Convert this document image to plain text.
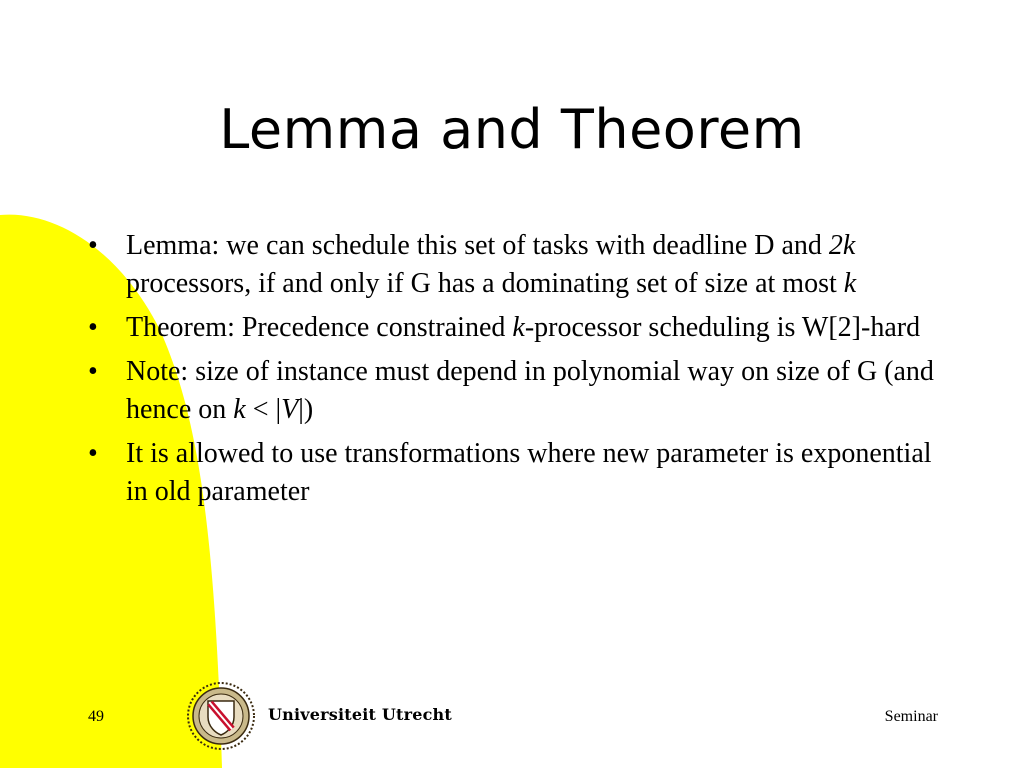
Lemma and Theorem
• Lemma: we can schedule this set of tasks with deadline D and 2k processors, if and only if G has a dominating set of size at most k
• Theorem: Precedence constrained k-processor scheduling is W[2]-hard
• Note: size of instance must depend in polynomial way on size of G (and hence on k < |V|)
• It is allowed to use transformations where new parameter is exponential in old parameter
49	Universiteit Utrecht	Seminar
